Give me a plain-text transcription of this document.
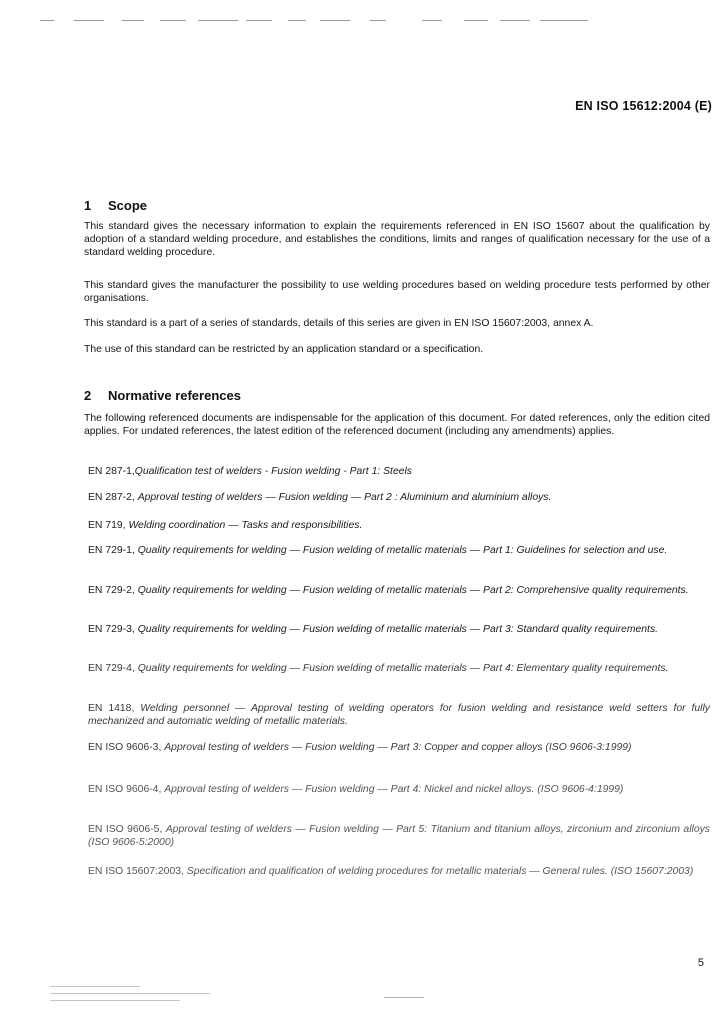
EN ISO 15612:2004 (E)
1 Scope
This standard gives the necessary information to explain the requirements referenced in EN ISO 15607 about the qualification by adoption of a standard welding procedure, and establishes the conditions, limits and ranges of qualification necessary for the use of a standard welding procedure.
This standard gives the manufacturer the possibility to use welding procedures based on welding procedure tests performed by other organisations.
This standard is a part of a series of standards, details of this series are given in EN ISO 15607:2003, annex A.
The use of this standard can be restricted by an application standard or a specification.
2 Normative references
The following referenced documents are indispensable for the application of this document. For dated references, only the edition cited applies. For undated references, the latest edition of the referenced document (including any amendments) applies.
EN 287-1,Qualification test of welders - Fusion welding - Part 1: Steels
EN 287-2, Approval testing of welders — Fusion welding — Part 2 : Aluminium and aluminium alloys.
EN 719, Welding coordination — Tasks and responsibilities.
EN 729-1, Quality requirements for welding — Fusion welding of metallic materials — Part 1: Guidelines for selection and use.
EN 729-2, Quality requirements for welding — Fusion welding of metallic materials — Part 2: Comprehensive quality requirements.
EN 729-3, Quality requirements for welding — Fusion welding of metallic materials — Part 3: Standard quality requirements.
EN 729-4, Quality requirements for welding — Fusion welding of metallic materials — Part 4: Elementary quality requirements.
EN 1418, Welding personnel — Approval testing of welding operators for fusion welding and resistance weld setters for fully mechanized and automatic welding of metallic materials.
EN ISO 9606-3, Approval testing of welders — Fusion welding — Part 3: Copper and copper alloys (ISO 9606-3:1999)
EN ISO 9606-4, Approval testing of welders — Fusion welding — Part 4: Nickel and nickel alloys. (ISO 9606-4:1999)
EN ISO 9606-5, Approval testing of welders — Fusion welding — Part 5: Titanium and titanium alloys, zirconium and zirconium alloys (ISO 9606-5:2000)
EN ISO 15607:2003, Specification and qualification of welding procedures for metallic materials — General rules. (ISO 15607:2003)
5
